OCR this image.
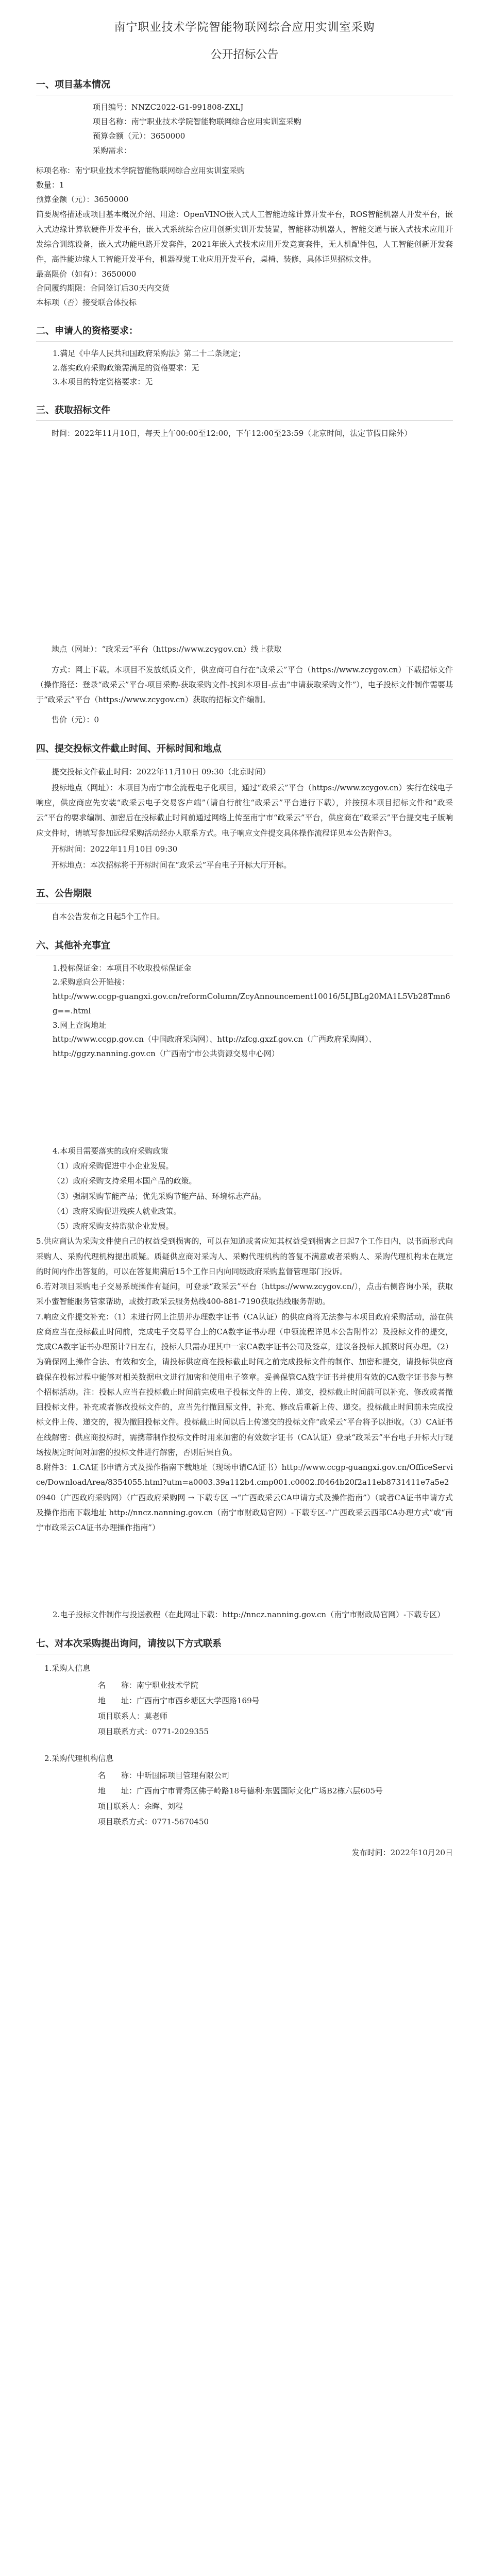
南宁职业技术学院智能物联网综合应用实训室采购
公开招标公告
一、项目基本情况
项目编号：NNZC2022-G1-991808-ZXLJ
项目名称：南宁职业技术学院智能物联网综合应用实训室采购
预算金额（元）：3650000
采购需求：

标项名称：南宁职业技术学院智能物联网综合应用实训室采购

数量：1

预算金额（元）：3650000

简要规格描述或项目基本概况介绍、用途：OpenVINO嵌入式人工智能边缘计算开发平台，ROS智能机器人开发平台，嵌入式边缘计算软硬件开发平台，嵌入式系统综合应用创新实训开发装置，智能移动机器人，智能交通与嵌入式技术应用开发综合训练设备，嵌入式功能电路开发套件，2021年嵌入式技术应用开发竞赛套件，无人机配件包，人工智能创新开发套件，高性能边缘人工智能开发平台，机器视觉工业应用开发平台，桌椅、装修，具体详见招标文件。

最高限价（如有）：3650000

合同履约期限：合同签订后30天内交货

本标项（否）接受联合体投标

二、申请人的资格要求：

1.满足《中华人民共和国政府采购法》第二十二条规定；

2.落实政府采购政策需满足的资格要求：无

3.本项目的特定资格要求：无

三、获取招标文件

时间：2022年11月10日，每天上午00:00至12:00，下午12:00至23:59（北京时间，法定节假日除外）

地点（网址）：“政采云”平台（https://www.zcygov.cn）线上获取

方式：网上下载。本项目不发放纸质文件，供应商可自行在“政采云”平台（https://www.zcygov.cn）下载招标文件（操作路径：登录“政采云”平台-项目采购-获取采购文件-找到本项目-点击“申请获取采购文件”），电子投标文件制作需要基于“政采云”平台（https://www.zcygov.cn）获取的招标文件编制。

售价（元）：0

四、提交投标文件截止时间、开标时间和地点

提交投标文件截止时间：2022年11月10日 09:30（北京时间）

投标地点（网址）：本项目为南宁市全流程电子化项目，通过“政采云”平台（https://www.zcygov.cn）实行在线电子响应，供应商应先安装“政采云电子交易客户端”（请自行前往“政采云”平台进行下载），并按照本项目招标文件和“政采云”平台的要求编制、加密后在投标截止时间前通过网络上传至南宁市“政采云”平台，供应商在“政采云”平台提交电子版响应文件时，请填写参加远程采购活动经办人联系方式。电子响应文件提交具体操作流程详见本公告附件3。

开标时间：2022年11月10日 09:30

开标地点：本次招标将于开标时间在“政采云”平台电子开标大厅开标。

五、公告期限

自本公告发布之日起5个工作日。

六、其他补充事宜

1.投标保证金：本项目不收取投标保证金

2.采购意向公开链接：

http://www.ccgp-guangxi.gov.cn/reformColumn/ZcyAnnouncement10016/5LJBLg20MA1L5Vb28Tmn6g==.html

3.网上查询地址

http://www.ccgp.gov.cn（中国政府采购网）、http://zfcg.gxzf.gov.cn（广西政府采购网）、

http://ggzy.nanning.gov.cn（广西南宁市公共资源交易中心网）

4.本项目需要落实的政府采购政策

（1）政府采购促进中小企业发展。

（2）政府采购支持采用本国产品的政策。

（3）强制采购节能产品；优先采购节能产品、环境标志产品。

（4）政府采购促进残疾人就业政策。

（5）政府采购支持监狱企业发展。

5.供应商认为采购文件使自己的权益受到损害的，可以在知道或者应知其权益受到损害之日起7个工作日内，以书面形式向采购人、采购代理机构提出质疑。质疑供应商对采购人、采购代理机构的答复不满意或者采购人、采购代理机构未在规定的时间内作出答复的，可以在答复期满后15个工作日内向同级政府采购监督管理部门投诉。

6.若对项目采购电子交易系统操作有疑问，可登录“政采云”平台（https://www.zcygov.cn/），点击右侧咨询小采，获取采小蜜智能服务管家帮助，或拨打政采云服务热线400-881-7190获取热线服务帮助。

7.响应文件提交补充：（1）未进行网上注册并办理数字证书（CA认证）的供应商将无法参与本项目政府采购活动，潜在供应商应当在投标截止时间前，完成电子交易平台上的CA数字证书办理（申领流程详见本公告附件2）及投标文件的提交，完成CA数字证书办理预计7日左右，投标人只需办理其中一家CA数字证书公司及签章，建议各投标人抓紧时间办理。（2）为确保网上操作合法、有效和安全，请投标供应商在投标截止时间之前完成投标文件的制作、加密和提交，请投标供应商确保在投标过程中能够对相关数据电文进行加密和使用电子签章。妥善保管CA数字证书并使用有效的CA数字证书参与整个招标活动。注：投标人应当在投标截止时间前完成电子投标文件的上传、递交，投标截止时间前可以补充、修改或者撤回投标文件。补充或者修改投标文件的，应当先行撤回原文件，补充、修改后重新上传、递交。投标截止时间前未完成投标文件上传、递交的，视为撤回投标文件。投标截止时间以后上传递交的投标文件“政采云”平台将予以拒收。（3）CA证书在线解密：供应商投标时，需携带制作投标文件时用来加密的有效数字证书（CA认证）登录“政采云”平台电子开标大厅现场按规定时间对加密的投标文件进行解密，否则后果自负。

8.附件3：1.CA证书申请方式及操作指南下载地址（现场申请CA证书）http://www.ccgp-guangxi.gov.cn/OfficeService/DownloadArea/8354055.html?utm=a0003.39a112b4.cmp001.c0002.f0464b20f2a11eb8731411e7a5e20940（广西政府采购网）（广西政府采购网 → 下载专区 →“广西政采云CA申请方式及操作指南”）（或者CA证书申请方式及操作指南下载地址 http://nncz.nanning.gov.cn（南宁市财政局官网）-下载专区-“广西政采云西部CA办理方式”或“南宁市政采云CA证书办理操作指南”）

2.电子投标文件制作与投送教程（在此网址下载：http://nncz.nanning.gov.cn（南宁市财政局官网）-下载专区）

七、对本次采购提出询问，请按以下方式联系
1.采购人信息
名　　称：南宁职业技术学院
地　　址：广西南宁市西乡塘区大学西路169号
项目联系人：莫老师
项目联系方式：0771-2029355
2.采购代理机构信息
名　　称：中昕国际项目管理有限公司
地　　址：广西南宁市青秀区佛子岭路18号德利·东盟国际文化广场B2栋六层605号
项目联系人：余晖、刘程
项目联系方式：0771-5670450
发布时间：2022年10月20日
